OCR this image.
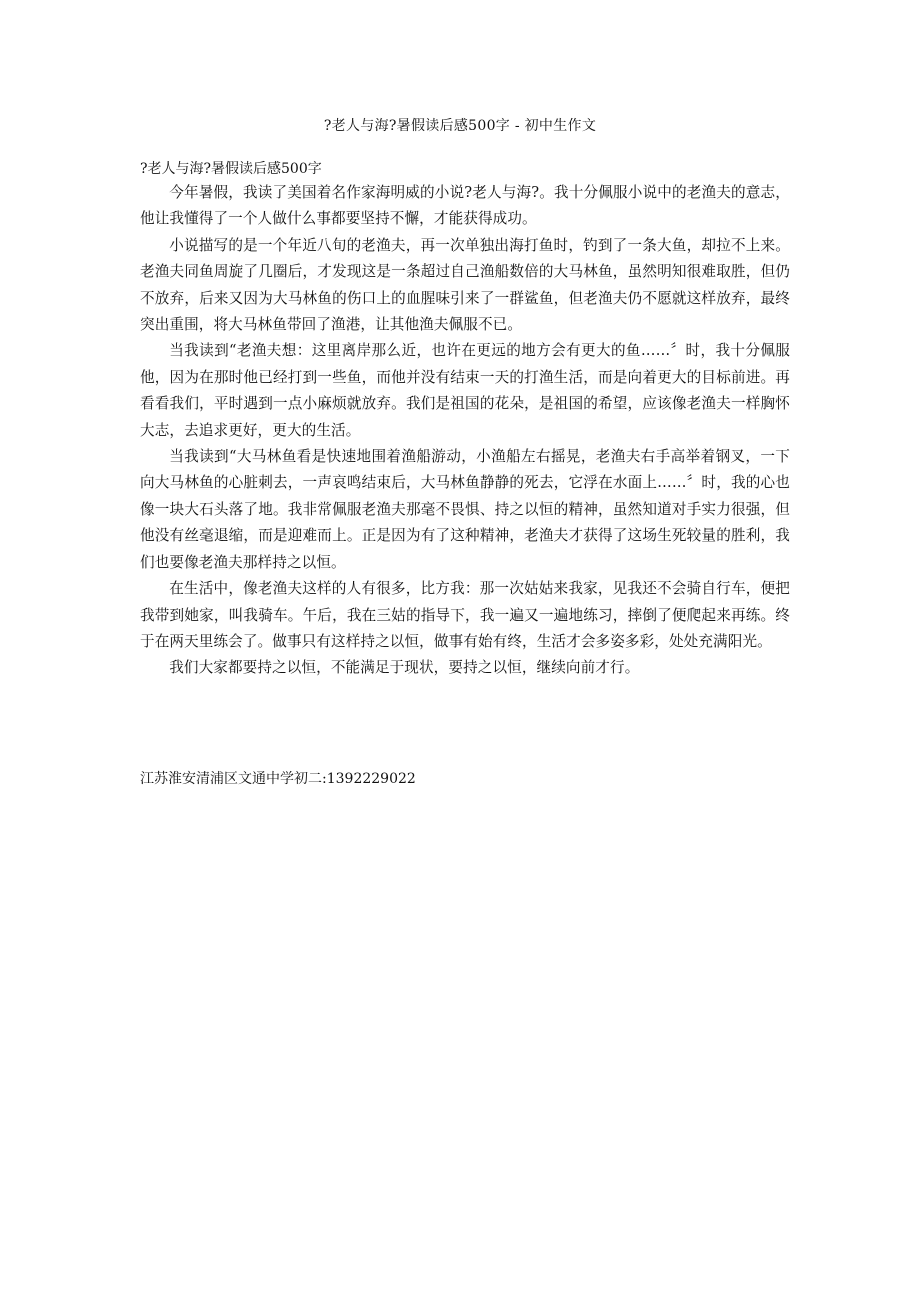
?老人与海?暑假读后感500字 - 初中生作文

?老人与海?暑假读后感500字

今年暑假，我读了美国着名作家海明威的小说?老人与海?。我十分佩服小说中的老渔夫的意志，他让我懂得了一个人做什么事都要坚持不懈，才能获得成功。

小说描写的是一个年近八旬的老渔夫，再一次单独出海打鱼时，钓到了一条大鱼，却拉不上来。老渔夫同鱼周旋了几圈后，才发现这是一条超过自己渔船数倍的大马林鱼，虽然明知很难取胜，但仍不放弃，后来又因为大马林鱼的伤口上的血腥味引来了一群鲨鱼，但老渔夫仍不愿就这样放弃，最终突出重围，将大马林鱼带回了渔港，让其他渔夫佩服不已。

当我读到“老渔夫想：这里离岸那么近，也许在更远的地方会有更大的鱼……〞时，我十分佩服他，因为在那时他已经打到一些鱼，而他并没有结束一天的打渔生活，而是向着更大的目标前进。再看看我们，平时遇到一点小麻烦就放弃。我们是祖国的花朵，是祖国的希望，应该像老渔夫一样胸怀大志，去追求更好，更大的生活。

当我读到“大马林鱼看是快速地围着渔船游动，小渔船左右摇晃，老渔夫右手高举着钢叉，一下向大马林鱼的心脏刺去，一声哀鸣结束后，大马林鱼静静的死去，它浮在水面上……〞时，我的心也像一块大石头落了地。我非常佩服老渔夫那毫不畏惧、持之以恒的精神，虽然知道对手实力很强，但他没有丝毫退缩，而是迎难而上。正是因为有了这种精神，老渔夫才获得了这场生死较量的胜利，我们也要像老渔夫那样持之以恒。

在生活中，像老渔夫这样的人有很多，比方我：那一次姑姑来我家，见我还不会骑自行车，便把我带到她家，叫我骑车。午后，我在三姑的指导下，我一遍又一遍地练习，摔倒了便爬起来再练。终于在两天里练会了。做事只有这样持之以恒，做事有始有终，生活才会多姿多彩，处处充满阳光。

我们大家都要持之以恒，不能满足于现状，要持之以恒，继续向前才行。

江苏淮安清浦区文通中学初二:1392229022
